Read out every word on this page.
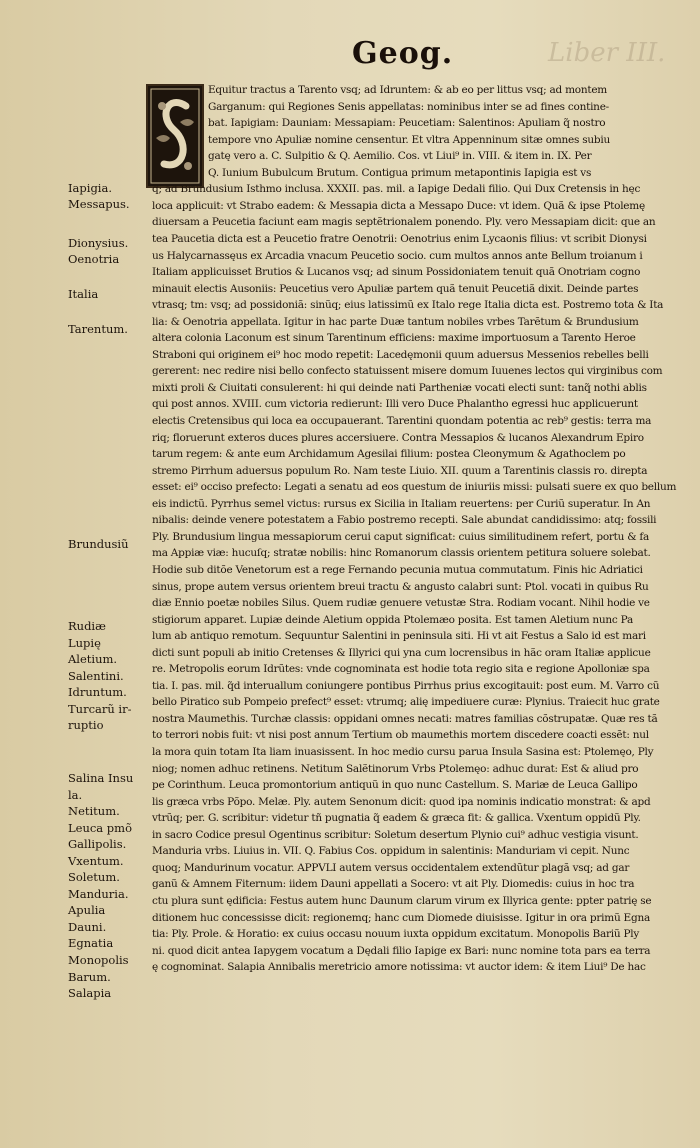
Geog.	Liber III.
Iapigia.
Messapus.
Dionysius.
Oenotria
Italia
Tarentum.
Brundusiũ
Rudiæ
Lupię
Aletium.
Salentini.
Idruntum.
Turcarũ ir-
ruptio
Salina Insu
la.
Netitum.
Leuca pmõ
Gallipolis.
Vxentum.
Soletum.
Manduria.
Apulia
Dauni.
Egnatia
Monopolis
Barum.
Salapia
Equitur tractus a Tarento vsq; ad Idruntem: & ab eo per littus vsq; ad montem
Garganum: qui Regiones Senis appellatas: nominibus inter se ad fines contine-
bat. Iapigiam: Dauniam: Messapiam: Peucetiam: Salentinos: Apuliam q̃ nostro
tempore vno Apuliæ nomine censentur. Et vltra Appenninum sitæ omnes subiu
gatę vero a. C. Sulpitio & Q. Aemilio. Cos. vt Liui⁹ in. VIII. & item in. IX. Per
Q. Iunium Bubulcum Brutum. Contigua primum metapontinis Iapigia est vs
q; ad Brundusium Isthmo inclusa. XXXII. pas. mil. a Iapige Dedali filio. Qui Dux Cretensis in hęc
loca applicuit: vt Strabo eadem: & Messapia dicta a Messapo Duce: vt idem. Quã & ipse Ptolemę
diuersam a Peucetia faciunt eam magis septẽtrionalem ponendo. Ply. vero Messapiam dicit: que an
tea Paucetia dicta est a Peucetio fratre Oenotrii: Oenotrius enim Lycaonis filius: vt scribit Dionysi
us Halycarnassęus ex Arcadia vnacum Peucetio socio. cum multos annos ante Bellum troianum i
Italiam applicuisset Brutios & Lucanos vsq; ad sinum Possidoniatem tenuit quã Onotriam cogno
minauit electis Ausoniis: Peucetius vero Apuliæ partem quã tenuit Peucetiã dixit. Deinde partes
vtrasq; tm: vsq; ad possidoniã: sinũq; eius latissimũ ex Italo rege Italia dicta est. Postremo tota & Ita
lia: & Oenotria appellata. Igitur in hac parte Duæ tantum nobiles vrbes Tarẽtum & Brundusium
altera colonia Laconum est sinum Tarentinum efficiens: maxime importuosum a Tarento Heroe
Straboni qui originem ei⁹ hoc modo repetit: Lacedęmonii quum aduersus Messenios rebelles belli
gererent: nec redire nisi bello confecto statuissent misere domum Iuuenes lectos qui virginibus com
mixti proli & Ciuitati consulerent: hi qui deinde nati Partheniæ vocati electi sunt: tanq̃ nothi ablis
qui post annos. XVIII. cum victoria redierunt: Illi vero Duce Phalantho egressi huc applicuerunt
electis Cretensibus qui loca ea occupauerant. Tarentini quondam potentia ac reb⁹ gestis: terra ma
riq; floruerunt exteros duces plures accersiuere. Contra Messapios & lucanos Alexandrum Epiro
tarum regem: & ante eum Archidamum Agesilai filium: postea Cleonymum & Agathoclem po
stremo Pirrhum aduersus populum Ro. Nam teste Liuio. XII. quum a Tarentinis classis ro. direpta
esset: ei⁹ occiso prefecto: Legati a senatu ad eos questum de iniuriis missi: pulsati suere ex quo bellum
eis indictũ. Pyrrhus semel victus: rursus ex Sicilia in Italiam reuertens: per Curiũ superatur. In An
nibalis: deinde venere potestatem a Fabio postremo recepti. Sale abundat candidissimo: atq; fossili
Ply. Brundusium lingua messapiorum cerui caput significat: cuius similitudinem refert, portu & fa
ma Appiæ viæ: hucuſq; stratæ nobilis: hinc Romanorum classis orientem petitura soluere solebat.
Hodie sub ditõe Venetorum est a rege Fernando pecunia mutua commutatum. Finis hic Adriatici
sinus, prope autem versus orientem breui tractu & angusto calabri sunt: Ptol. vocati in quibus Ru
diæ Ennio poetæ nobiles Silus. Quem rudiæ genuere vetustæ Stra. Rodiam vocant. Nihil hodie ve
stigiorum apparet. Lupiæ deinde Aletium oppida Ptolemæo posita. Est tamen Aletium nunc Pa
lum ab antiquo remotum. Sequuntur Salentini in peninsula siti. Hi vt ait Festus a Salo id est mari
dicti sunt populi ab initio Cretenses & Illyrici qui yna cum locrensibus in hãc oram Italiæ applicue
re. Metropolis eorum Idrũtes: vnde cognominata est hodie tota regio sita e regione Apolloniæ spa
tia. I. pas. mil. q̃d interuallum coniungere pontibus Pirrhus prius excogitauit: post eum. M. Varro cũ
bello Piratico sub Pompeio prefect⁹ esset: vtrumq; alię impediuere curæ: Plynius. Traiecit huc grate
nostra Maumethis. Turchæ classis: oppidani omnes necati: matres familias cõstrupatæ. Quæ res tã
to terrori nobis fuit: vt nisi post annum Tertium ob maumethis mortem discedere coacti essẽt: nul
la mora quin totam Ita liam inuasissent. In hoc medio cursu parua Insula Sasina est: Ptolemęo, Ply
niog; nomen adhuc retinens. Netitum Salẽtinorum Vrbs Ptolemęo: adhuc durat: Est & aliud pro
pe Corinthum. Leuca promontorium antiquũ in quo nunc Castellum. S. Mariæ de Leuca Gallipo
lis græca vrbs Põpo. Melæ. Ply. autem Senonum dicit: quod ipa nominis indicatio monstrat: & apd
vtrũq; per. G. scribitur: videtur tñ pugnatia q̃ eadem & græca fit: & gallica. Vxentum oppidũ Ply.
in sacro Codice presul Ogentinus scribitur: Soletum desertum Plynio cui⁹ adhuc vestigia visunt.
Manduria vrbs. Liuius in. VII. Q. Fabius Cos. oppidum in salentinis: Manduriam vi cepit. Nunc
quoq; Mandurinum vocatur. APPVLI autem versus occidentalem extendũtur plagã vsq; ad gar
ganũ & Amnem Fiternum: iidem Dauni appellati a Socero: vt ait Ply. Diomedis: cuius in hoc tra
ctu plura sunt ędificia: Festus autem hunc Daunum clarum virum ex Illyrica gente: ppter patrię se
ditionem huc concessisse dicit: regionemq; hanc cum Diomede diuisisse. Igitur in ora primũ Egna
tia: Ply. Prole. & Horatio: ex cuius occasu nouum iuxta oppidum excitatum. Monopolis Bariũ Ply
ni. quod dicit antea Iapygem vocatum a Dędali filio Iapige ex Bari: nunc nomine tota pars ea terra
ę cognominat. Salapia Annibalis meretricio amore notissima: vt auctor idem: & item Liui⁹ De hac
